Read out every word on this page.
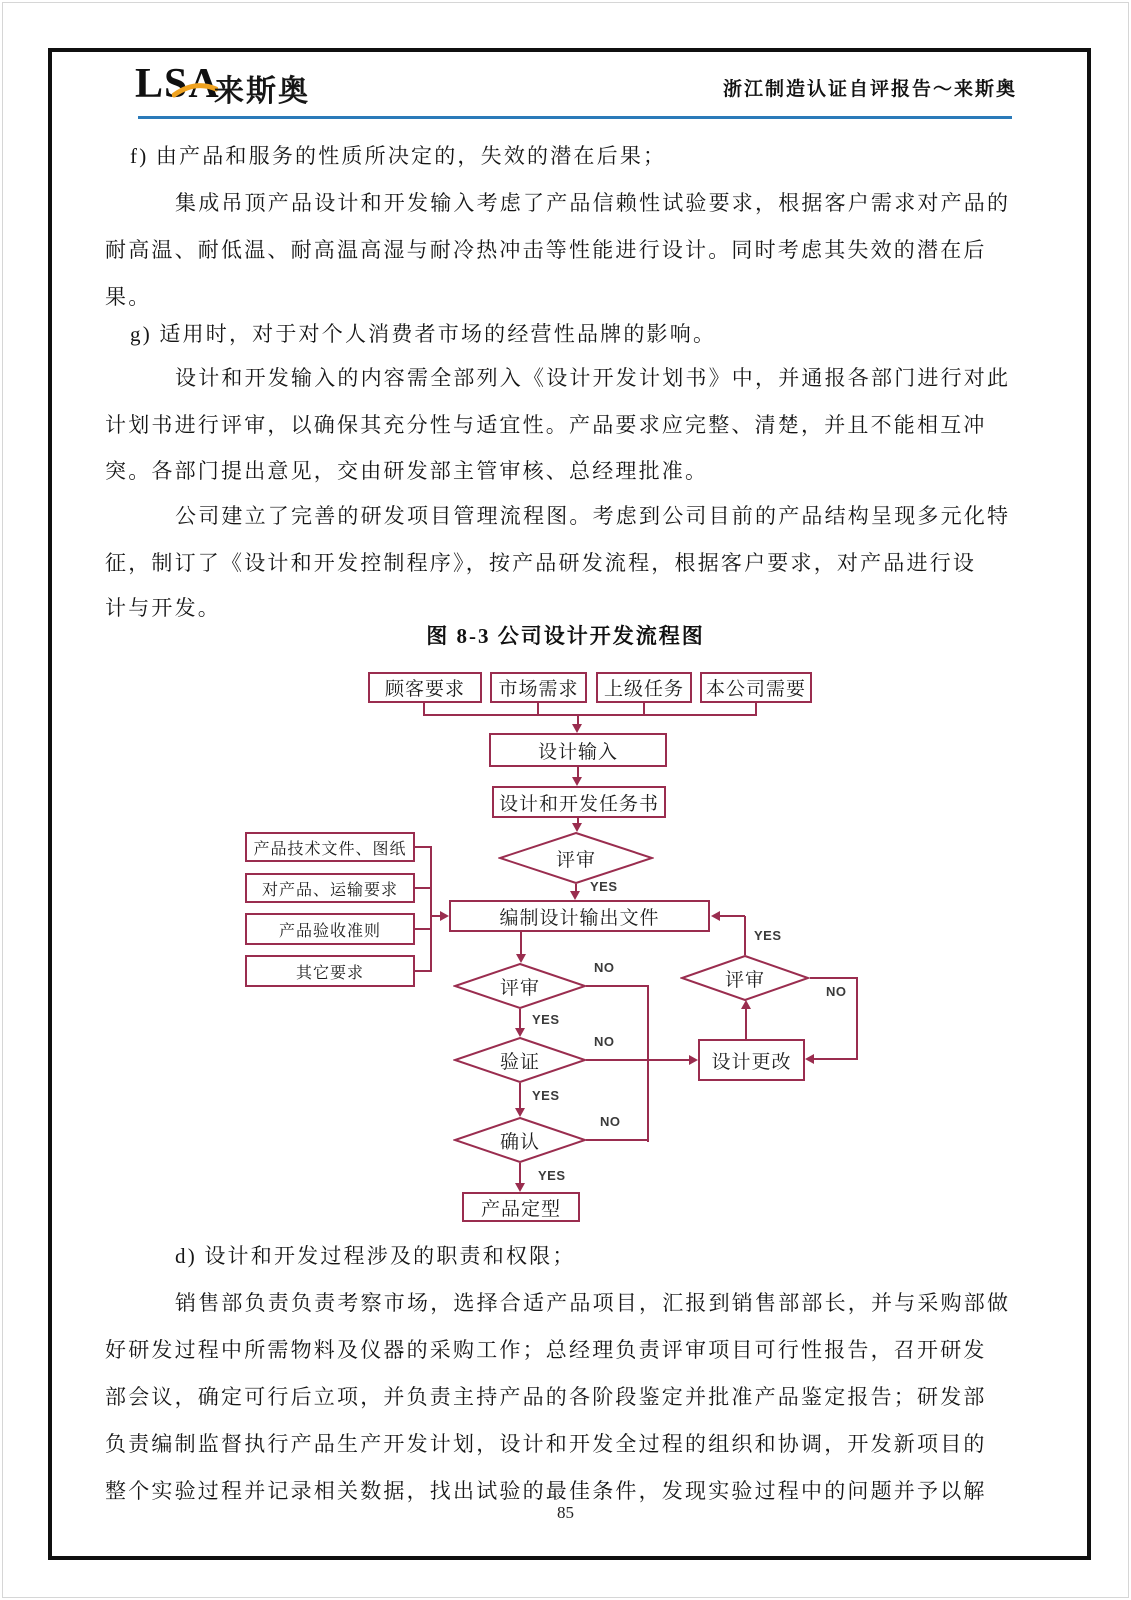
LSA
来斯奥	浙江制造认证自评报告～来斯奥
f) 由产品和服务的性质所决定的，失效的潜在后果；
集成吊顶产品设计和开发输入考虑了产品信赖性试验要求，根据客户需求对产品的
耐高温、耐低温、耐高温高湿与耐冷热冲击等性能进行设计。同时考虑其失效的潜在后
果。
g) 适用时，对于对个人消费者市场的经营性品牌的影响。
设计和开发输入的内容需全部列入《设计开发计划书》中，并通报各部门进行对此
计划书进行评审，以确保其充分性与适宜性。产品要求应完整、清楚，并且不能相互冲
突。各部门提出意见，交由研发部主管审核、总经理批准。
公司建立了完善的研发项目管理流程图。考虑到公司目前的产品结构呈现多元化特
征，制订了《设计和开发控制程序》，按产品研发流程，根据客户要求，对产品进行设
计与开发。
图 8-3 公司设计开发流程图
顾客要求	市场需求	上级任务	本公司需要
设计输入
设计和开发任务书
评审
YES
编制设计输出文件
产品技术文件、图纸
对产品、运输要求
产品验收准则
其它要求
评审
NO
YES
验证
NO
YES
确认
NO
YES
产品定型
设计更改
评审
YES
NO
d) 设计和开发过程涉及的职责和权限；
销售部负责负责考察市场，选择合适产品项目，汇报到销售部部长，并与采购部做
好研发过程中所需物料及仪器的采购工作；总经理负责评审项目可行性报告，召开研发
部会议，确定可行后立项，并负责主持产品的各阶段鉴定并批准产品鉴定报告；研发部
负责编制监督执行产品生产开发计划，设计和开发全过程的组织和协调，开发新项目的
整个实验过程并记录相关数据，找出试验的最佳条件，发现实验过程中的问题并予以解
85
